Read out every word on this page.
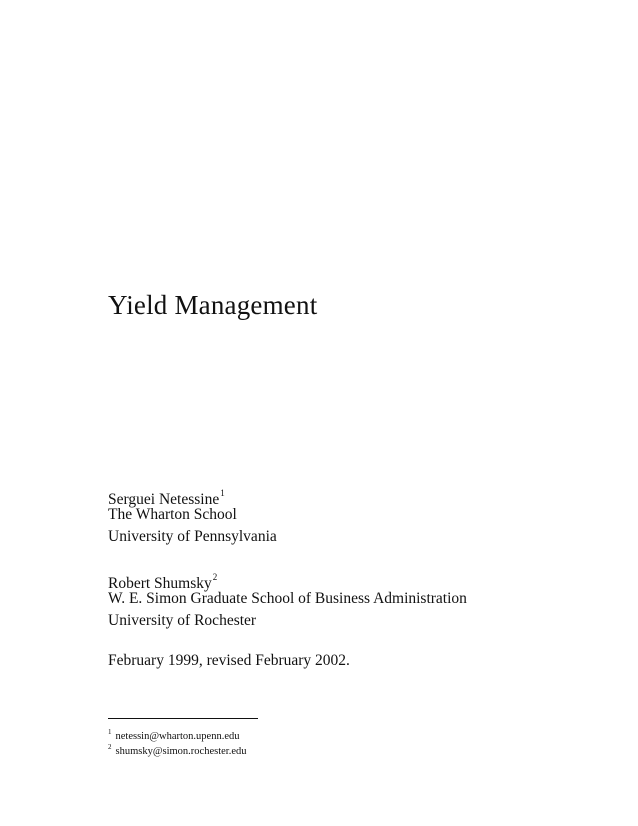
Yield Management
Serguei Netessine$^1$
The Wharton School
University of Pennsylvania
Robert Shumsky$^2$
W. E. Simon Graduate School of Business Administration
University of Rochester
February 1999, revised February 2002.
$^1$ netessin@wharton.upenn.edu
$^2$ shumsky@simon.rochester.edu
